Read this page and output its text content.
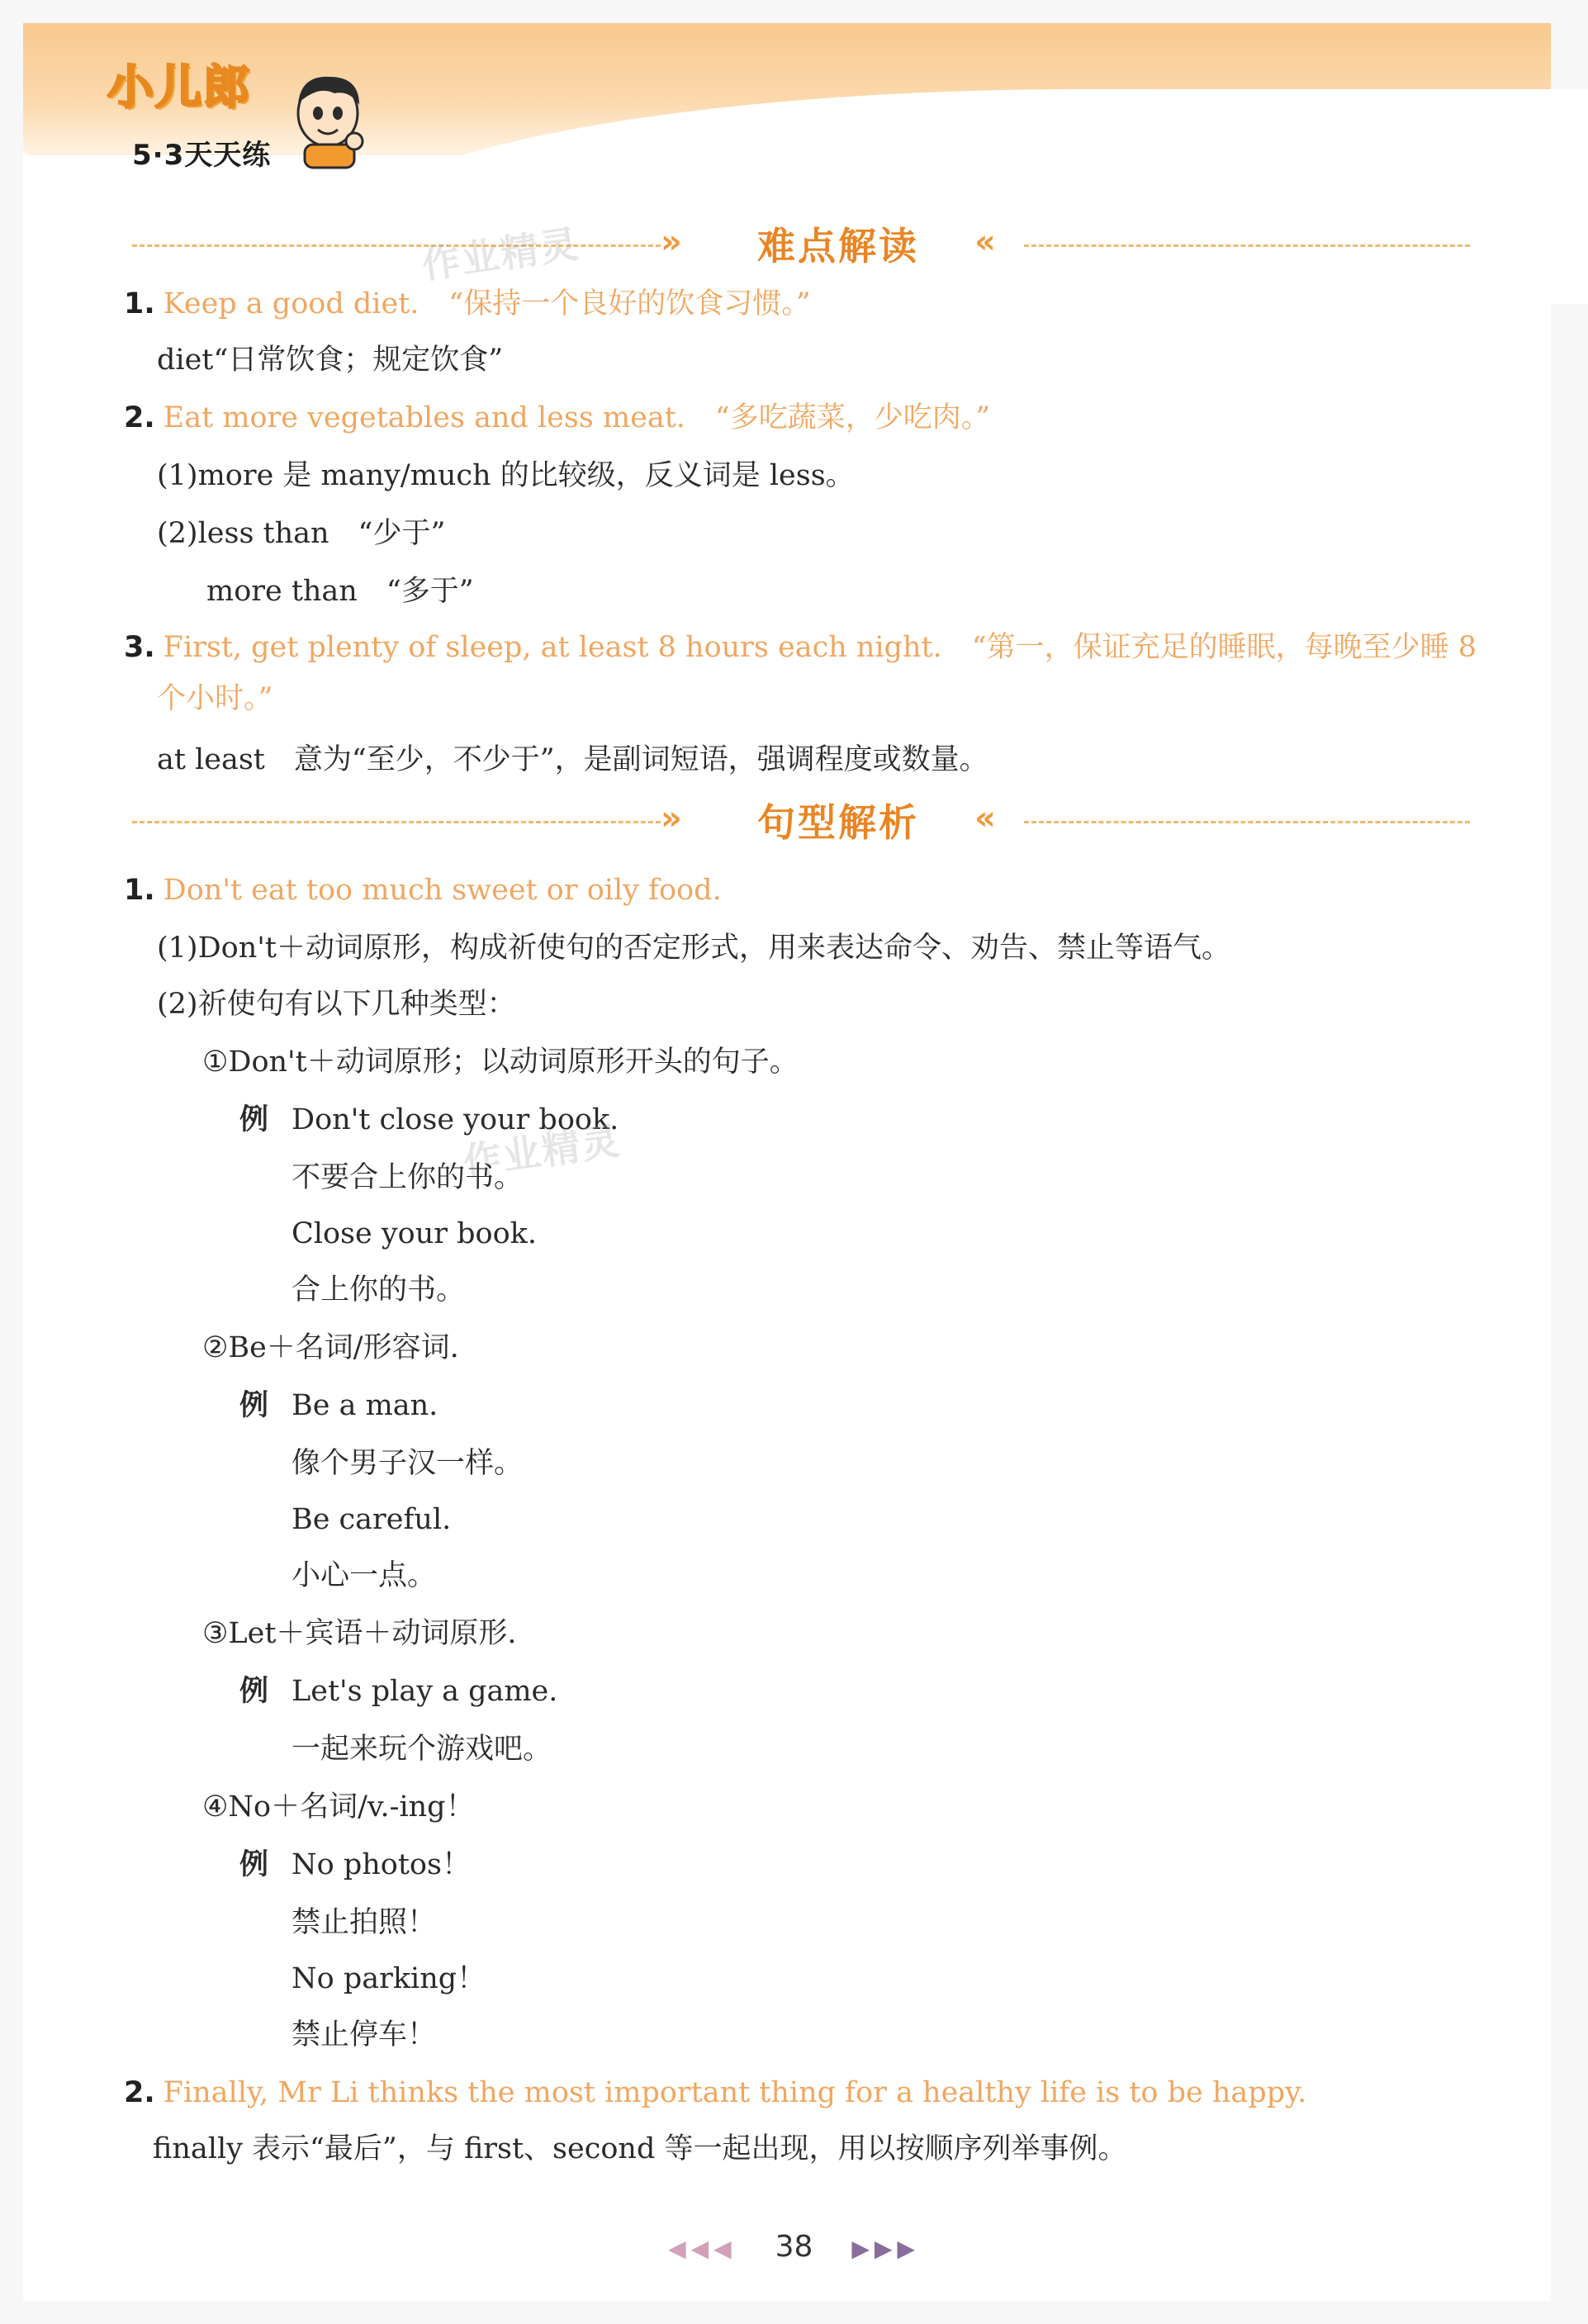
小儿郎
5·3天天练
»	难点解读	«
作业精灵
1. Keep a good diet. “保持一个良好的饮食习惯。”
diet“日常饮食；规定饮食”
2. Eat more vegetables and less meat. “多吃蔬菜，少吃肉。”
(1)more 是 many/much 的比较级，反义词是 less。
(2)less than　“少于”
more than　“多于”
3. First, get plenty of sleep, at least 8 hours each night. “第一，保证充足的睡眠，每晚至少睡 8
个小时。”
at least　意为“至少，不少于”，是副词短语，强调程度或数量。
»	句型解析	«
1. Don't eat too much sweet or oily food.
(1)Don't＋动词原形，构成祈使句的否定形式，用来表达命令、劝告、禁止等语气。
(2)祈使句有以下几种类型：
①Don't＋动词原形；以动词原形开头的句子。
例 Don't close your book.
作业精灵
不要合上你的书。
Close your book.
合上你的书。
②Be＋名词/形容词.
例 Be a man.
像个男子汉一样。
Be careful.
小心一点。
③Let＋宾语＋动词原形.
例 Let's play a game.
一起来玩个游戏吧。
④No＋名词/v.-ing！
例 No photos！
禁止拍照！
No parking！
禁止停车！
2. Finally, Mr Li thinks the most important thing for a healthy life is to be happy.
finally 表示“最后”，与 first、second 等一起出现，用以按顺序列举事例。
◀◀◀ 38 ▶▶▶
